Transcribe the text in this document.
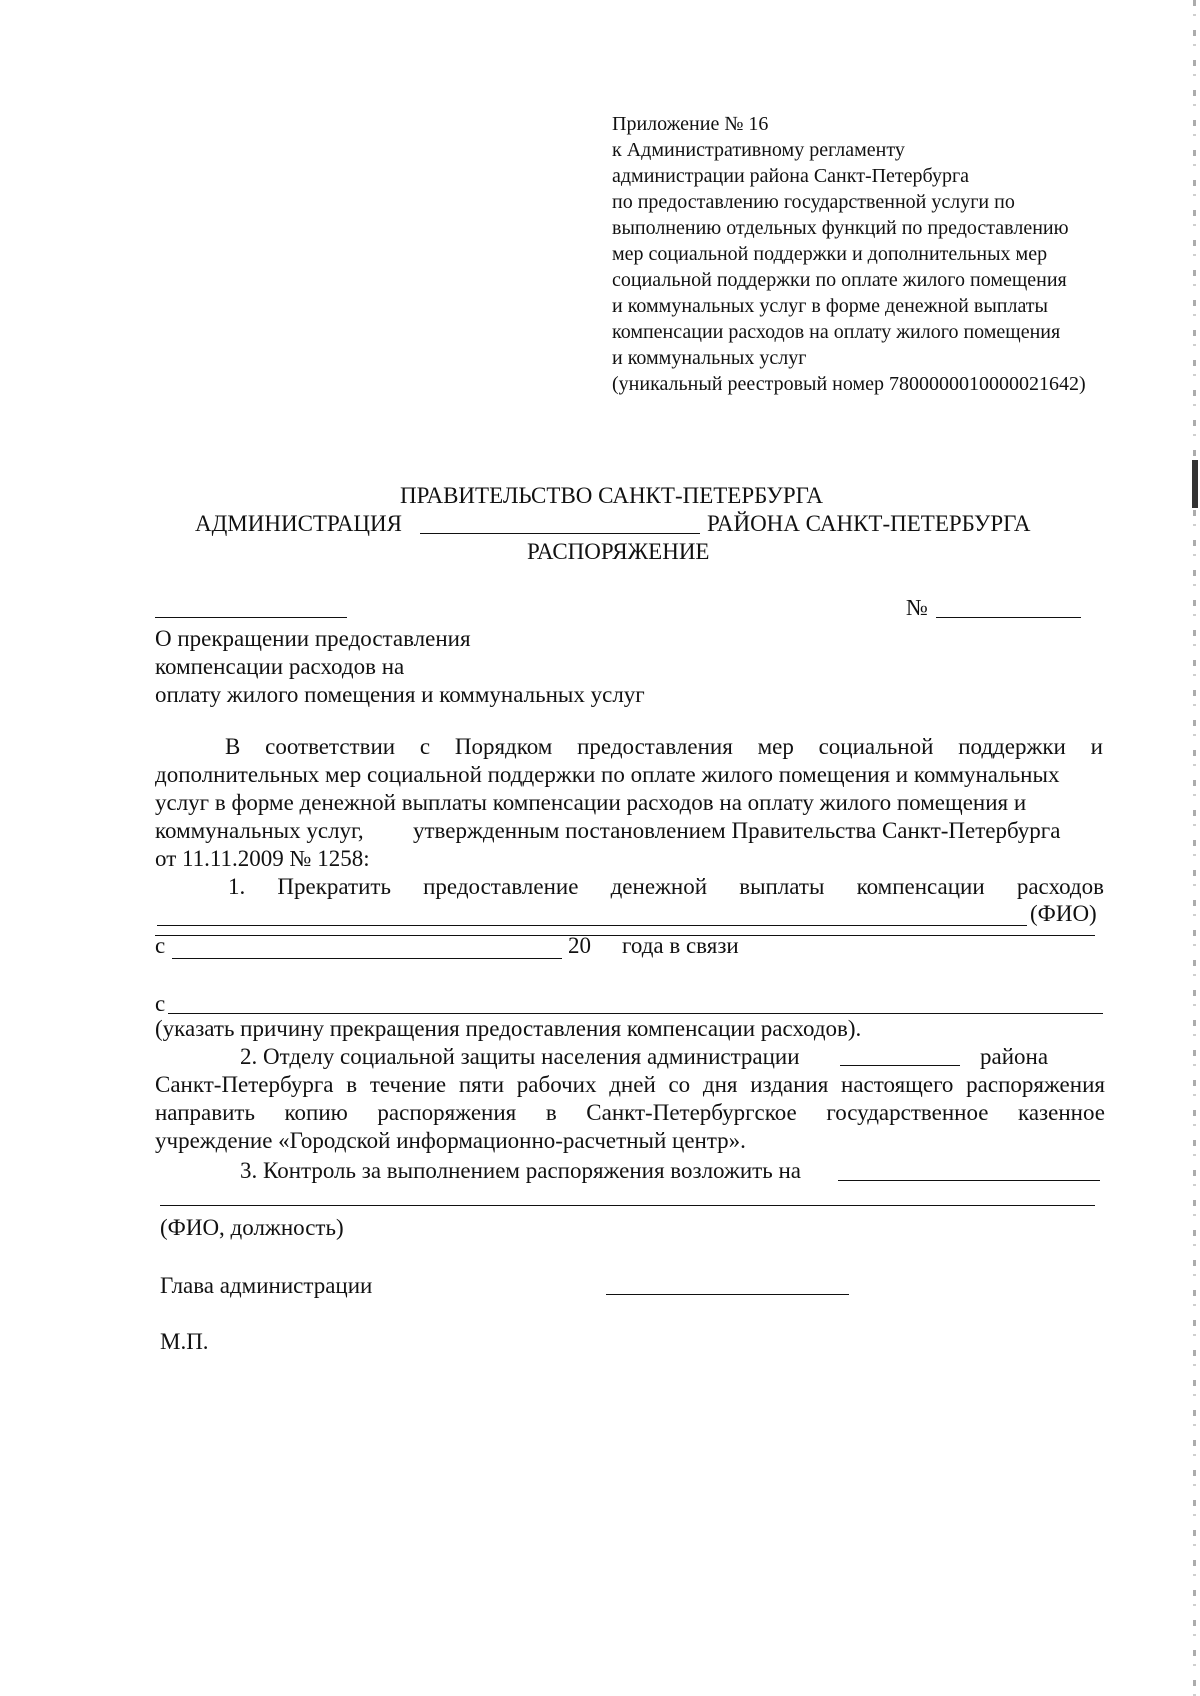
Приложение № 16
к Административному регламенту
администрации района Санкт-Петербурга
по предоставлению государственной услуги по
выполнению отдельных функций по предоставлению
мер социальной поддержки и дополнительных мер
социальной поддержки по оплате жилого помещения
и коммунальных услуг в форме денежной выплаты
компенсации расходов на оплату жилого помещения
и коммунальных услуг
(уникальный реестровый номер 7800000010000021642)
ПРАВИТЕЛЬСТВО САНКТ-ПЕТЕРБУРГА
АДМИНИСТРАЦИЯ	РАЙОНА САНКТ-ПЕТЕРБУРГА
РАСПОРЯЖЕНИЕ
№
О прекращении предоставления
компенсации расходов на
оплату жилого помещения и коммунальных услуг
В соответствии с Порядком предоставления мер социальной поддержки и
дополнительных мер социальной поддержки по оплате жилого помещения и коммунальных
услуг в форме денежной выплаты компенсации расходов на оплату жилого помещения и
коммунальных услуг, утвержденным постановлением Правительства Санкт-Петербурга
от 11.11.2009 № 1258:
1. Прекратить предоставление денежной выплаты компенсации расходов
(ФИО)
с	20 года в связи
с
(указать причину прекращения предоставления компенсации расходов).
2. Отделу социальной защиты населения администрации	района
Санкт-Петербурга в течение пяти рабочих дней со дня издания настоящего распоряжения
направить копию распоряжения в Санкт-Петербургское государственное казенное
учреждение «Городской информационно-расчетный центр».
3. Контроль за выполнением распоряжения возложить на
(ФИО, должность)
Глава администрации
М.П.
